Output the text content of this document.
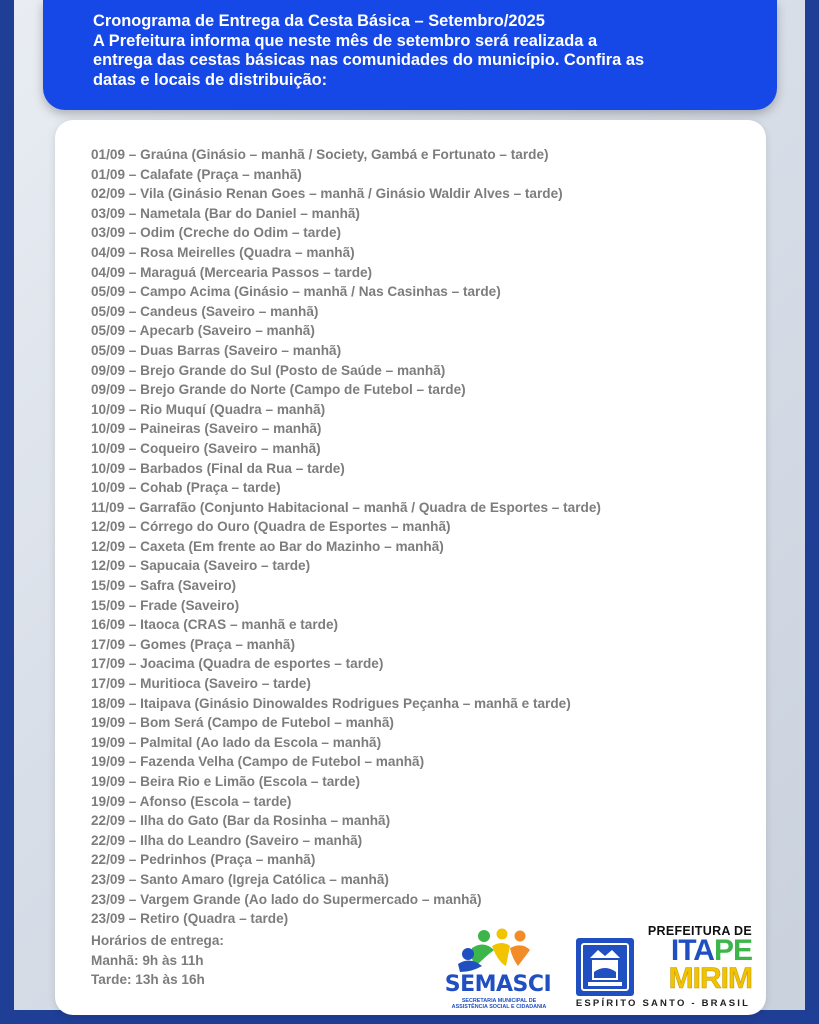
Cronograma de Entrega da Cesta Básica – Setembro/2025
A Prefeitura informa que neste mês de setembro será realizada a
entrega das cestas básicas nas comunidades do município. Confira as
datas e locais de distribuição:
01/09 – Graúna (Ginásio – manhã / Society, Gambá e Fortunato – tarde)
01/09 – Calafate (Praça – manhã)
02/09 – Vila (Ginásio Renan Goes – manhã / Ginásio Waldir Alves – tarde)
03/09 – Nametala (Bar do Daniel – manhã)
03/09 – Odim (Creche do Odim – tarde)
04/09 – Rosa Meirelles (Quadra – manhã)
04/09 – Maraguá (Mercearia Passos – tarde)
05/09 – Campo Acima (Ginásio – manhã / Nas Casinhas – tarde)
05/09 – Candeus (Saveiro – manhã)
05/09 – Apecarb (Saveiro – manhã)
05/09 – Duas Barras (Saveiro – manhã)
09/09 – Brejo Grande do Sul (Posto de Saúde – manhã)
09/09 – Brejo Grande do Norte (Campo de Futebol – tarde)
10/09 – Rio Muquí (Quadra – manhã)
10/09 – Paineiras (Saveiro – manhã)
10/09 – Coqueiro (Saveiro – manhã)
10/09 – Barbados (Final da Rua – tarde)
10/09 – Cohab (Praça – tarde)
11/09 – Garrafão (Conjunto Habitacional – manhã / Quadra de Esportes – tarde)
12/09 – Córrego do Ouro (Quadra de Esportes – manhã)
12/09 – Caxeta (Em frente ao Bar do Mazinho – manhã)
12/09 – Sapucaia (Saveiro – tarde)
15/09 – Safra (Saveiro)
15/09 – Frade (Saveiro)
16/09 – Itaoca (CRAS – manhã e tarde)
17/09 – Gomes (Praça – manhã)
17/09 – Joacima (Quadra de esportes – tarde)
17/09 – Muritioca (Saveiro – tarde)
18/09 – Itaipava (Ginásio Dinowaldes Rodrigues Peçanha – manhã e tarde)
19/09 – Bom Será (Campo de Futebol – manhã)
19/09 – Palmital (Ao lado da Escola – manhã)
19/09 – Fazenda Velha (Campo de Futebol – manhã)
19/09 – Beira Rio e Limão (Escola – tarde)
19/09 – Afonso (Escola – tarde)
22/09 – Ilha do Gato (Bar da Rosinha – manhã)
22/09 – Ilha do Leandro (Saveiro – manhã)
22/09 – Pedrinhos (Praça – manhã)
23/09 – Santo Amaro (Igreja Católica – manhã)
23/09 – Vargem Grande (Ao lado do Supermercado – manhã)
23/09 – Retiro (Quadra – tarde)
Horários de entrega:
Manhã: 9h às 11h
Tarde: 13h às 16h	SEMASCI
SECRETARIA MUNICIPAL DE
ASSISTÊNCIA SOCIAL E CIDADANIA
PREFEITURA DE
ITAPE
MIRIM
ESPÍRITO SANTO - BRASIL
